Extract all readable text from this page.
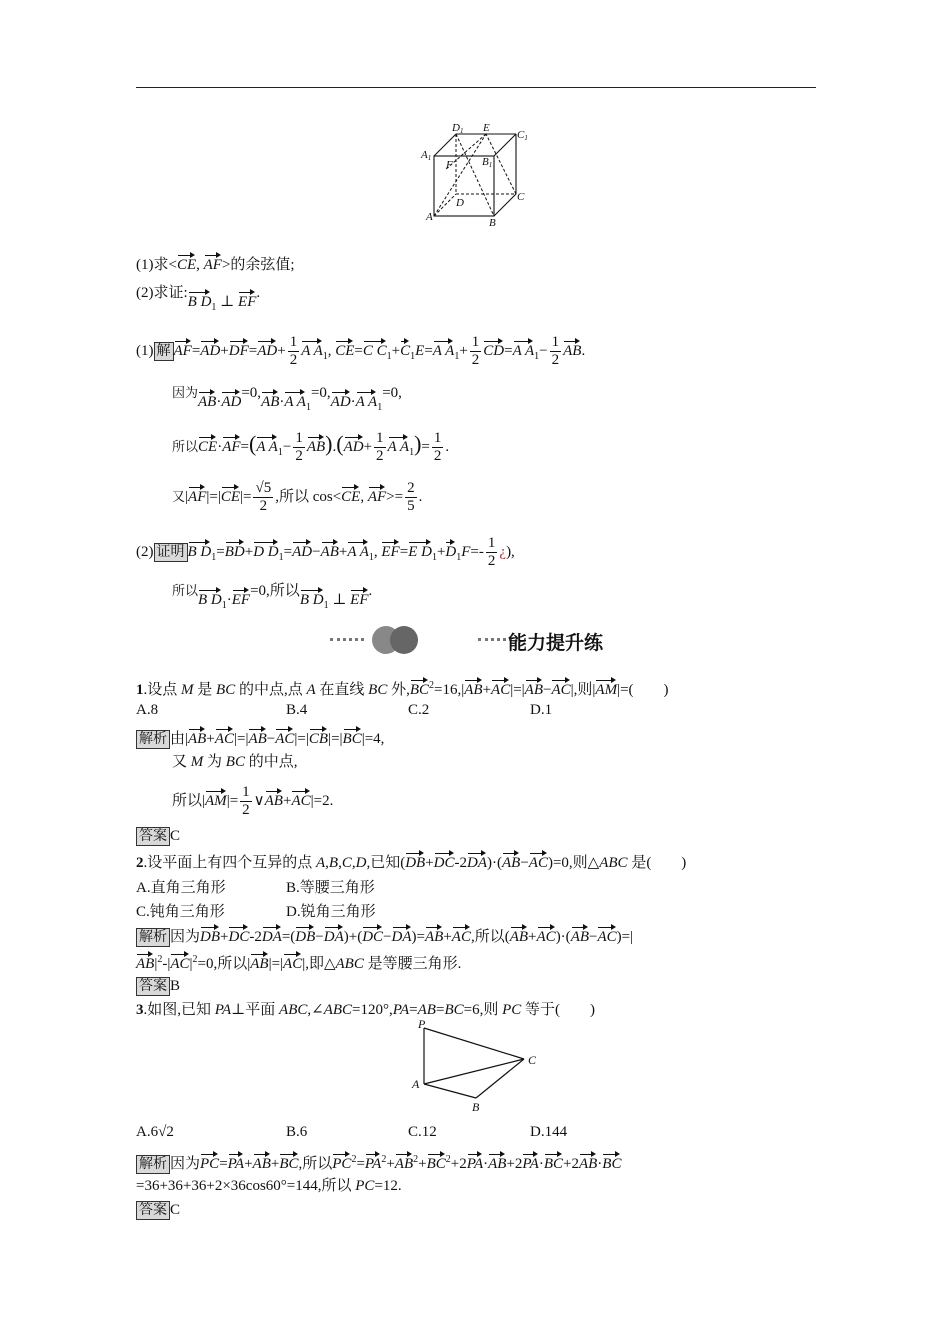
D1 E
C1
A1
F	B1
D	C
A	B
(1)求<CE, AF>的余弦值;
(2)求证:B $D_1$ ⊥ EF.
(1) 解 $AF=AD+DF=AD+ \frac{1}{2}$ A $A_1$, CE=C $C_1+C_1E=A$ $A_1+ \frac{1}{2} CD=A$ $A_1- \frac{1}{2}$ AB.
因为AB·AD=0,AB·A $A_1=0,AD\cdot A$ $A_1=0$,
所以CE·AF=(A $A_1- \frac{1}{2} AB).(AD+ \frac{1}{2}$ A $A_1)= \frac{1}{2}$ .
又$|AF|=|CE|= \frac{√5}{2}$ ,所以 cos<CE, $AF>= \frac{2}{5}$ .
(2) 证明 B $D_1=BD+D$ $D_1=AD-AB+A$ $A_1$, EF=E $D_1+D_1F=- \frac{1}{2}$ ¿),
所以B $D_1\cdot EF=0$,所以B $D_1$ ⊥ EF.
能力提升练
1.设点 M 是 BC 的中点,点 A 在直线 BC 外$,BC^2=16,|AB+AC|=|AB-AC|$,则|AM|=(　　)
A.8	B.4	C.2	D.1
解析 由|AB+AC|=|AB−AC|=|CB|=|BC|=4,
又 M 为 BC 的中点,
所以$|AM|= \frac{1}{2}$ ∨AB+AC|=2.
答案 C
2.设平面上有四个互异的点 A,B,C,D,已知(DB+DC-2DA)·(AB−AC)=0,则△ABC 是(　　)
A.直角三角形	B.等腰三角形
C.钝角三角形	D.锐角三角形
解析 因为DB+DC-2DA=(DB−DA)+(DC−DA)=AB+AC,所以(AB+AC)·(AB−AC)=|
$AB|^2-|AC|^2=0$,所以|AB|=|AC|,即△ABC 是等腰三角形.
答案 B
3.如图,已知 PA⊥平面 ABC,∠ABC=120°,PA=AB=BC=6,则 PC 等于(　　)
P
C
A
B
A.6√2	B.6	C.12	D.144
解析 因为PC=PA+AB+BC,所以$PC^2=PA^2+AB^2+BC^2+2PA\cdot AB+2PA\cdot BC+2AB\cdot BC$
=36+36+36+2×36cos60°=144,所以 PC=12.
答案 C
